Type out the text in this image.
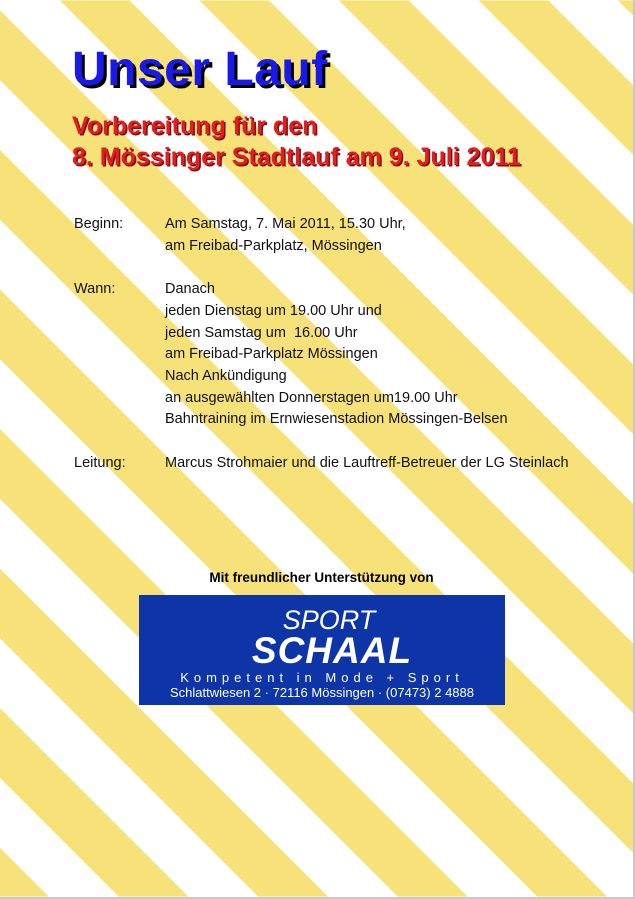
Unser Lauf
Vorbereitung für den
8. Mössinger Stadtlauf am 9. Juli 2011
Beginn:	Am Samstag, 7. Mai 2011, 15.30 Uhr,
am Freibad-Parkplatz, Mössingen
Wann:	Danach
jeden Dienstag um 19.00 Uhr und
jeden Samstag um  16.00 Uhr
am Freibad-Parkplatz Mössingen
Nach Ankündigung
an ausgewählten Donnerstagen um19.00 Uhr
Bahntraining im Ernwiesenstadion Mössingen-Belsen
Leitung:	Marcus Strohmaier und die Lauftreff-Betreuer der LG Steinlach
Mit freundlicher Unterstützung von
SPORT
SCHAAL
Kompetent in Mode + Sport
Schlattwiesen 2 · 72116 Mössingen · (07473) 2 4888
